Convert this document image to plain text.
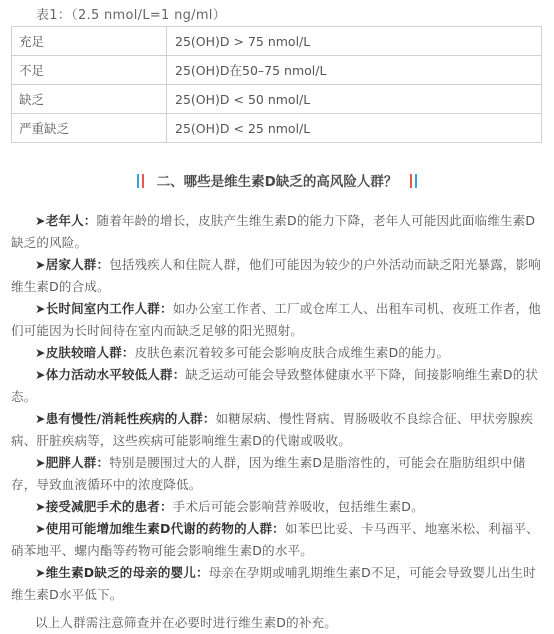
表1：（2.5 nmol/L=1 ng/ml）
充足	25(OH)D > 75 nmol/L
不足	25(OH)D在50–75 nmol/L
缺乏	25(OH)D < 50 nmol/L
严重缺乏	25(OH)D < 25 nmol/L
二、哪些是维生素D缺乏的高风险人群？
➤老年人：随着年龄的增长，皮肤产生维生素D的能力下降，老年人可能因此面临维生素D缺乏的风险。
➤居家人群：包括残疾人和住院人群，他们可能因为较少的户外活动而缺乏阳光暴露，影响维生素D的合成。
➤长时间室内工作人群：如办公室工作者、工厂或仓库工人、出租车司机、夜班工作者，他们可能因为长时间待在室内而缺乏足够的阳光照射。
➤皮肤较暗人群：皮肤色素沉着较多可能会影响皮肤合成维生素D的能力。
➤体力活动水平较低人群：缺乏运动可能会导致整体健康水平下降，间接影响维生素D的状态。
➤患有慢性/消耗性疾病的人群：如糖尿病、慢性肾病、胃肠吸收不良综合征、甲状旁腺疾病、肝脏疾病等，这些疾病可能影响维生素D的代谢或吸收。
➤肥胖人群：特别是腰围过大的人群，因为维生素D是脂溶性的，可能会在脂肪组织中储存，导致血液循环中的浓度降低。
➤接受减肥手术的患者：手术后可能会影响营养吸收，包括维生素D。
➤使用可能增加维生素D代谢的药物的人群：如苯巴比妥、卡马西平、地塞米松、利福平、硝苯地平、螺内酯等药物可能会影响维生素D的水平。
➤维生素D缺乏的母亲的婴儿：母亲在孕期或哺乳期维生素D不足，可能会导致婴儿出生时维生素D水平低下。
以上人群需注意筛查并在必要时进行维生素D的补充。
